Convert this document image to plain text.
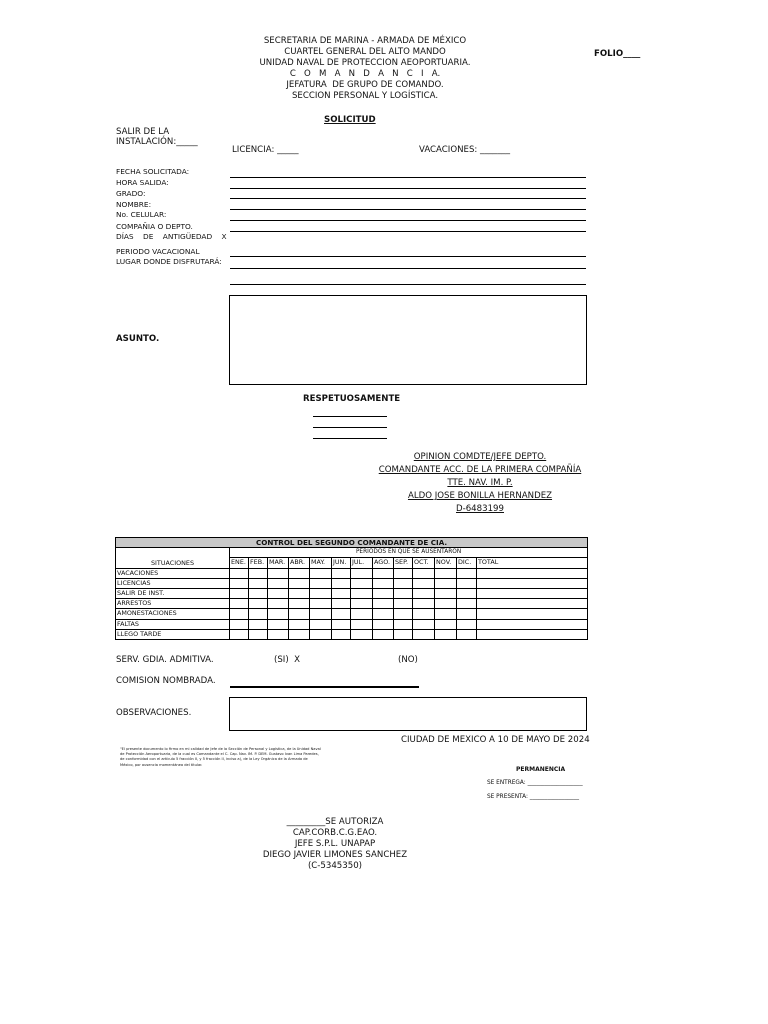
SECRETARIA DE MARINA - ARMADA DE MÉXICO
CUARTEL GENERAL DEL ALTO MANDO
UNIDAD NAVAL DE PROTECCION AEOPORTUARIA.
C   O   M   A   N   D   A   N   C   I   A.
JEFATURA  DE GRUPO DE COMANDO.
SECCION PERSONAL Y LOGÍSTICA.
FOLIO____
SOLICITUD
SALIR DE LA
INSTALACIÓN:_____
LICENCIA: _____	VACACIONES: _______
FECHA SOLICITADA:
HORA SALIDA:
GRADO:
NOMBRE:
No. CELULAR:
COMPAÑIA O DEPTO.
DÍAS    DE    ANTIGÜEDAD    X
PERIODO VACACIONAL
LUGAR DONDE DISFRUTARÁ:
ASUNTO.
RESPETUOSAMENTE
OPINION COMDTE/JEFE DEPTO.
COMANDANTE ACC. DE LA PRIMERA COMPAÑÍA
TTE. NAV. IM. P.
ALDO JOSE BONILLA HERNANDEZ
D-6483199
CONTROL DEL SEGUNDO COMANDANTE DE CIA.													
SITUACIONES	PERIODOS EN QUE SE AUSENTARON												
	ENE.	FEB.	MAR.	ABR.	MAY.	JUN.	JUL.	AGO.	SEP.	OCT.	NOV.	DIC.	TOTAL
VACACIONES													
LICENCIAS													
SALIR DE INST.													
ARRESTOS													
AMONESTACIONES													
FALTAS													
LLEGO TARDE													
SERV. GDIA. ADMITIVA.	(SI)  X	(NO)
COMISION NOMBRADA.
OBSERVACIONES.
CIUDAD DE MEXICO A 10 DE MAYO DE 2024
"El presente documento lo firmo en mi calidad de Jefe de la Sección de Personal y Logística, de la Unidad Naval de Protección Aeroportuaria, de la cual es Comandante el C. Cap. Nav. IM. P. DEM. Gustavo Ivan Lima Paredes, de conformidad con el artículo 5 fracción II, y 5 fracción II, inciso a), de la Ley Orgánica de la Armada de México, por ausencia momentánea del titular.
PERMANENCIA
SE ENTREGA: ___________________
SE PRESENTA: _________________
_________SE AUTORIZA
CAP.CORB.C.G.EAO.
JEFE S.P.L. UNAPAP
DIEGO JAVIER LIMONES SANCHEZ
(C-5345350)
